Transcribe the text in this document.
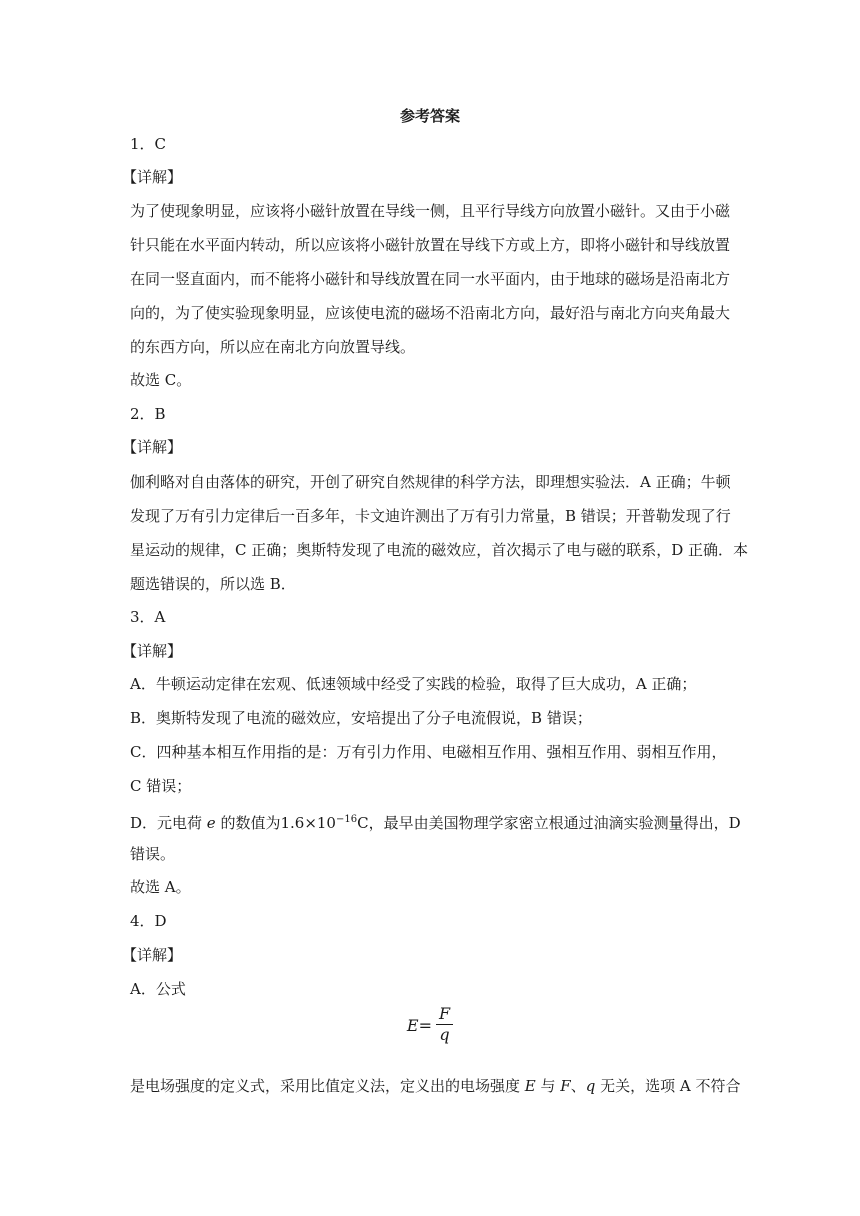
参考答案
1．C
【详解】
为了使现象明显，应该将小磁针放置在导线一侧，且平行导线方向放置小磁针。又由于小磁
针只能在水平面内转动，所以应该将小磁针放置在导线下方或上方，即将小磁针和导线放置
在同一竖直面内，而不能将小磁针和导线放置在同一水平面内，由于地球的磁场是沿南北方
向的，为了使实验现象明显，应该使电流的磁场不沿南北方向，最好沿与南北方向夹角最大
的东西方向，所以应在南北方向放置导线。
故选 C。
2．B
【详解】
伽利略对自由落体的研究，开创了研究自然规律的科学方法，即理想实验法．A 正确；牛顿
发现了万有引力定律后一百多年，卡文迪许测出了万有引力常量，B 错误；开普勒发现了行
星运动的规律，C 正确；奥斯特发现了电流的磁效应，首次揭示了电与磁的联系，D 正确．本
题选错误的，所以选 B．
3．A
【详解】
A．牛顿运动定律在宏观、低速领域中经受了实践的检验，取得了巨大成功，A 正确；
B．奥斯特发现了电流的磁效应，安培提出了分子电流假说，B 错误；
C．四种基本相互作用指的是：万有引力作用、电磁相互作用、强相互作用、弱相互作用，
C 错误；
D．元电荷 e 的数值为$1.6\times 10^{-16}C$，最早由美国物理学家密立根通过油滴实验测量得出，D
错误。
故选 A。
4．D
【详解】
A．公式
$E = \frac{F}{q}$
是电场强度的定义式，采用比值定义法，定义出的电场强度 E 与 F、q 无关，选项 A 不符合
